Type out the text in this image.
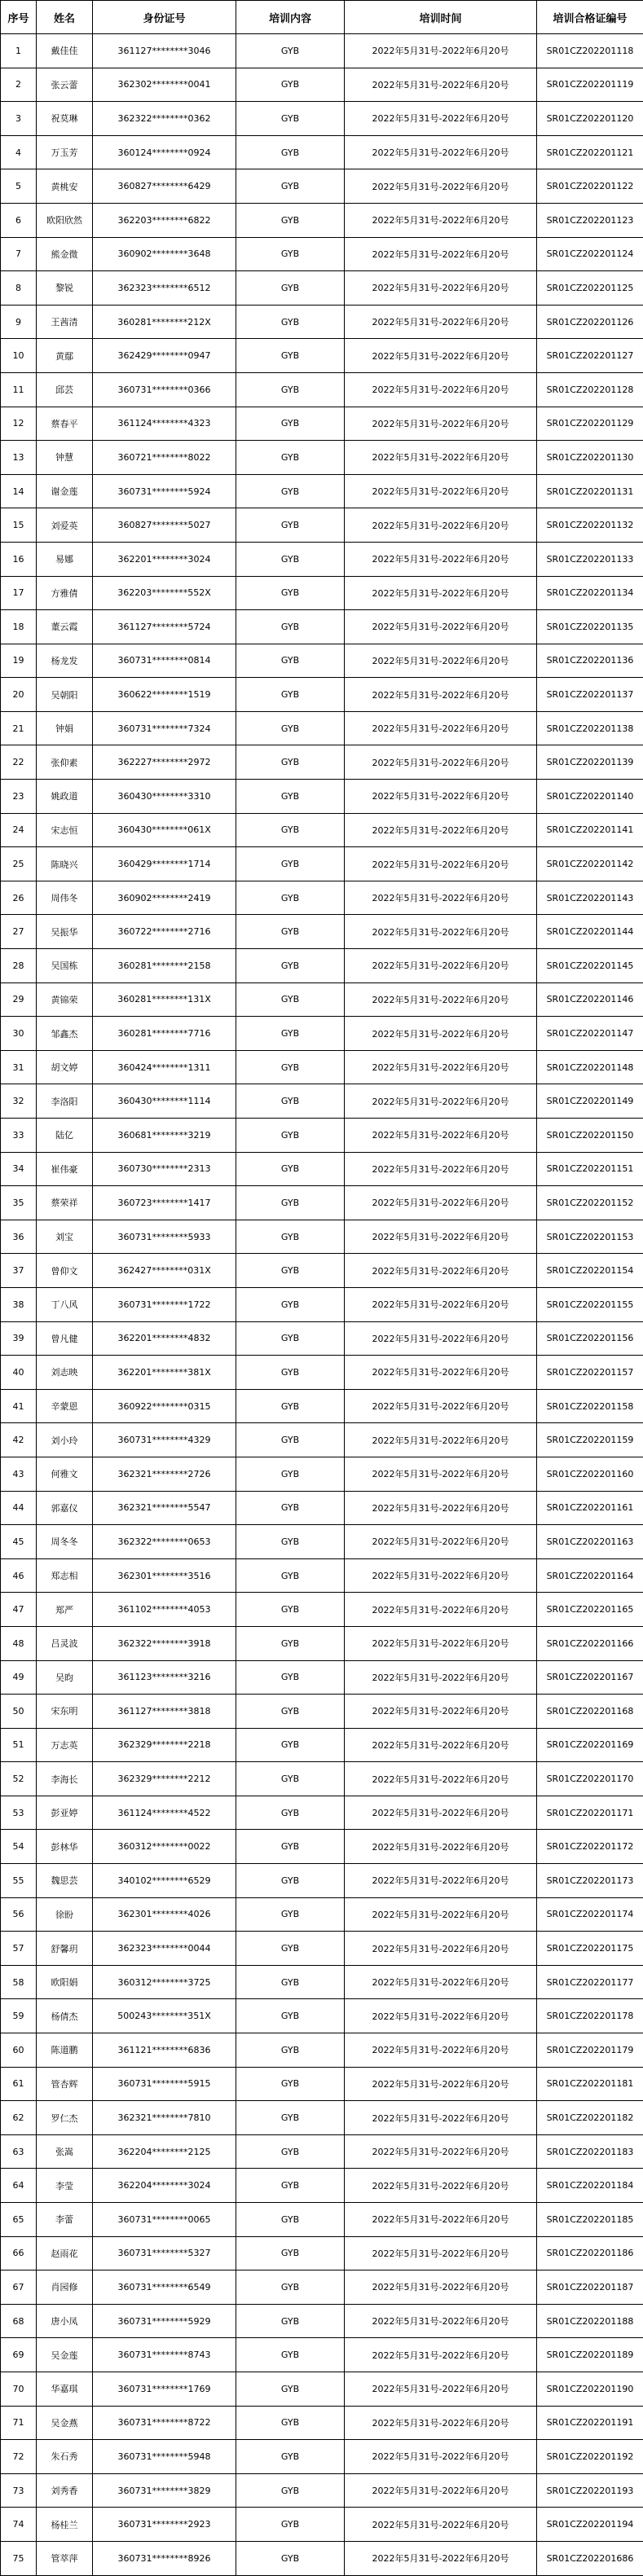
序号	姓名	身份证号	培训内容	培训时间	培训合格证编号
1	戴佳佳	361127********3046	GYB	2022年5月31号-2022年6月20号	SR01CZ202201118
2	张云蕾	362302********0041	GYB	2022年5月31号-2022年6月20号	SR01CZ202201119
3	祝莫琳	362322********0362	GYB	2022年5月31号-2022年6月20号	SR01CZ202201120
4	万玉芳	360124********0924	GYB	2022年5月31号-2022年6月20号	SR01CZ202201121
5	黄桃安	360827********6429	GYB	2022年5月31号-2022年6月20号	SR01CZ202201122
6	欧阳欣然	362203********6822	GYB	2022年5月31号-2022年6月20号	SR01CZ202201123
7	熊金微	360902********3648	GYB	2022年5月31号-2022年6月20号	SR01CZ202201124
8	黎锐	362323********6512	GYB	2022年5月31号-2022年6月20号	SR01CZ202201125
9	王茜清	360281********212X	GYB	2022年5月31号-2022年6月20号	SR01CZ202201126
10	黄鄢	362429********0947	GYB	2022年5月31号-2022年6月20号	SR01CZ202201127
11	邱芸	360731********0366	GYB	2022年5月31号-2022年6月20号	SR01CZ202201128
12	蔡春平	361124********4323	GYB	2022年5月31号-2022年6月20号	SR01CZ202201129
13	钟慧	360721********8022	GYB	2022年5月31号-2022年6月20号	SR01CZ202201130
14	谢金莲	360731********5924	GYB	2022年5月31号-2022年6月20号	SR01CZ202201131
15	刘爱英	360827********5027	GYB	2022年5月31号-2022年6月20号	SR01CZ202201132
16	易娜	362201********3024	GYB	2022年5月31号-2022年6月20号	SR01CZ202201133
17	方雅倩	362203********552X	GYB	2022年5月31号-2022年6月20号	SR01CZ202201134
18	董云霞	361127********5724	GYB	2022年5月31号-2022年6月20号	SR01CZ202201135
19	杨龙发	360731********0814	GYB	2022年5月31号-2022年6月20号	SR01CZ202201136
20	吴朝阳	360622********1519	GYB	2022年5月31号-2022年6月20号	SR01CZ202201137
21	钟娟	360731********7324	GYB	2022年5月31号-2022年6月20号	SR01CZ202201138
22	张仰素	362227********2972	GYB	2022年5月31号-2022年6月20号	SR01CZ202201139
23	姚政道	360430********3310	GYB	2022年5月31号-2022年6月20号	SR01CZ202201140
24	宋志恒	360430********061X	GYB	2022年5月31号-2022年6月20号	SR01CZ202201141
25	陈晓兴	360429********1714	GYB	2022年5月31号-2022年6月20号	SR01CZ202201142
26	周伟冬	360902********2419	GYB	2022年5月31号-2022年6月20号	SR01CZ202201143
27	吴振华	360722********2716	GYB	2022年5月31号-2022年6月20号	SR01CZ202201144
28	吴国栋	360281********2158	GYB	2022年5月31号-2022年6月20号	SR01CZ202201145
29	黄锦荣	360281********131X	GYB	2022年5月31号-2022年6月20号	SR01CZ202201146
30	邹鑫杰	360281********7716	GYB	2022年5月31号-2022年6月20号	SR01CZ202201147
31	胡文婷	360424********1311	GYB	2022年5月31号-2022年6月20号	SR01CZ202201148
32	李洛阳	360430********1114	GYB	2022年5月31号-2022年6月20号	SR01CZ202201149
33	陆亿	360681********3219	GYB	2022年5月31号-2022年6月20号	SR01CZ202201150
34	崔伟豪	360730********2313	GYB	2022年5月31号-2022年6月20号	SR01CZ202201151
35	蔡荣祥	360723********1417	GYB	2022年5月31号-2022年6月20号	SR01CZ202201152
36	刘宝	360731********5933	GYB	2022年5月31号-2022年6月20号	SR01CZ202201153
37	曾仰文	362427********031X	GYB	2022年5月31号-2022年6月20号	SR01CZ202201154
38	丁八风	360731********1722	GYB	2022年5月31号-2022年6月20号	SR01CZ202201155
39	曾凡健	362201********4832	GYB	2022年5月31号-2022年6月20号	SR01CZ202201156
40	刘志映	362201********381X	GYB	2022年5月31号-2022年6月20号	SR01CZ202201157
41	辛蒙恩	360922********0315	GYB	2022年5月31号-2022年6月20号	SR01CZ202201158
42	刘小玲	360731********4329	GYB	2022年5月31号-2022年6月20号	SR01CZ202201159
43	何雅文	362321********2726	GYB	2022年5月31号-2022年6月20号	SR01CZ202201160
44	郭嘉仪	362321********5547	GYB	2022年5月31号-2022年6月20号	SR01CZ202201161
45	周冬冬	362322********0653	GYB	2022年5月31号-2022年6月20号	SR01CZ202201163
46	郑志相	362301********3516	GYB	2022年5月31号-2022年6月20号	SR01CZ202201164
47	郑严	361102********4053	GYB	2022年5月31号-2022年6月20号	SR01CZ202201165
48	吕灵波	362322********3918	GYB	2022年5月31号-2022年6月20号	SR01CZ202201166
49	吴昀	361123********3216	GYB	2022年5月31号-2022年6月20号	SR01CZ202201167
50	宋东明	361127********3818	GYB	2022年5月31号-2022年6月20号	SR01CZ202201168
51	万志英	362329********2218	GYB	2022年5月31号-2022年6月20号	SR01CZ202201169
52	李海长	362329********2212	GYB	2022年5月31号-2022年6月20号	SR01CZ202201170
53	彭亚婷	361124********4522	GYB	2022年5月31号-2022年6月20号	SR01CZ202201171
54	彭林华	360312********0022	GYB	2022年5月31号-2022年6月20号	SR01CZ202201172
55	魏思芸	340102********6529	GYB	2022年5月31号-2022年6月20号	SR01CZ202201173
56	徐盼	362301********4026	GYB	2022年5月31号-2022年6月20号	SR01CZ202201174
57	舒馨玥	362323********0044	GYB	2022年5月31号-2022年6月20号	SR01CZ202201175
58	欧阳娟	360312********3725	GYB	2022年5月31号-2022年6月20号	SR01CZ202201177
59	杨倩杰	500243********351X	GYB	2022年5月31号-2022年6月20号	SR01CZ202201178
60	陈道鹏	361121********6836	GYB	2022年5月31号-2022年6月20号	SR01CZ202201179
61	管杏辉	360731********5915	GYB	2022年5月31号-2022年6月20号	SR01CZ202201181
62	罗仁杰	362321********7810	GYB	2022年5月31号-2022年6月20号	SR01CZ202201182
63	张嵩	362204********2125	GYB	2022年5月31号-2022年6月20号	SR01CZ202201183
64	李莹	362204********3024	GYB	2022年5月31号-2022年6月20号	SR01CZ202201184
65	李蕾	360731********0065	GYB	2022年5月31号-2022年6月20号	SR01CZ202201185
66	赵雨花	360731********5327	GYB	2022年5月31号-2022年6月20号	SR01CZ202201186
67	肖园修	360731********6549	GYB	2022年5月31号-2022年6月20号	SR01CZ202201187
68	唐小凤	360731********5929	GYB	2022年5月31号-2022年6月20号	SR01CZ202201188
69	吴金莲	360731********8743	GYB	2022年5月31号-2022年6月20号	SR01CZ202201189
70	华嘉琪	360731********1769	GYB	2022年5月31号-2022年6月20号	SR01CZ202201190
71	吴金燕	360731********8722	GYB	2022年5月31号-2022年6月20号	SR01CZ202201191
72	朱石秀	360731********5948	GYB	2022年5月31号-2022年6月20号	SR01CZ202201192
73	刘秀香	360731********3829	GYB	2022年5月31号-2022年6月20号	SR01CZ202201193
74	杨桂兰	360731********2923	GYB	2022年5月31号-2022年6月20号	SR01CZ202201194
75	管萃萍	360731********8926	GYB	2022年5月31号-2022年6月20号	SR01CZ202201686
